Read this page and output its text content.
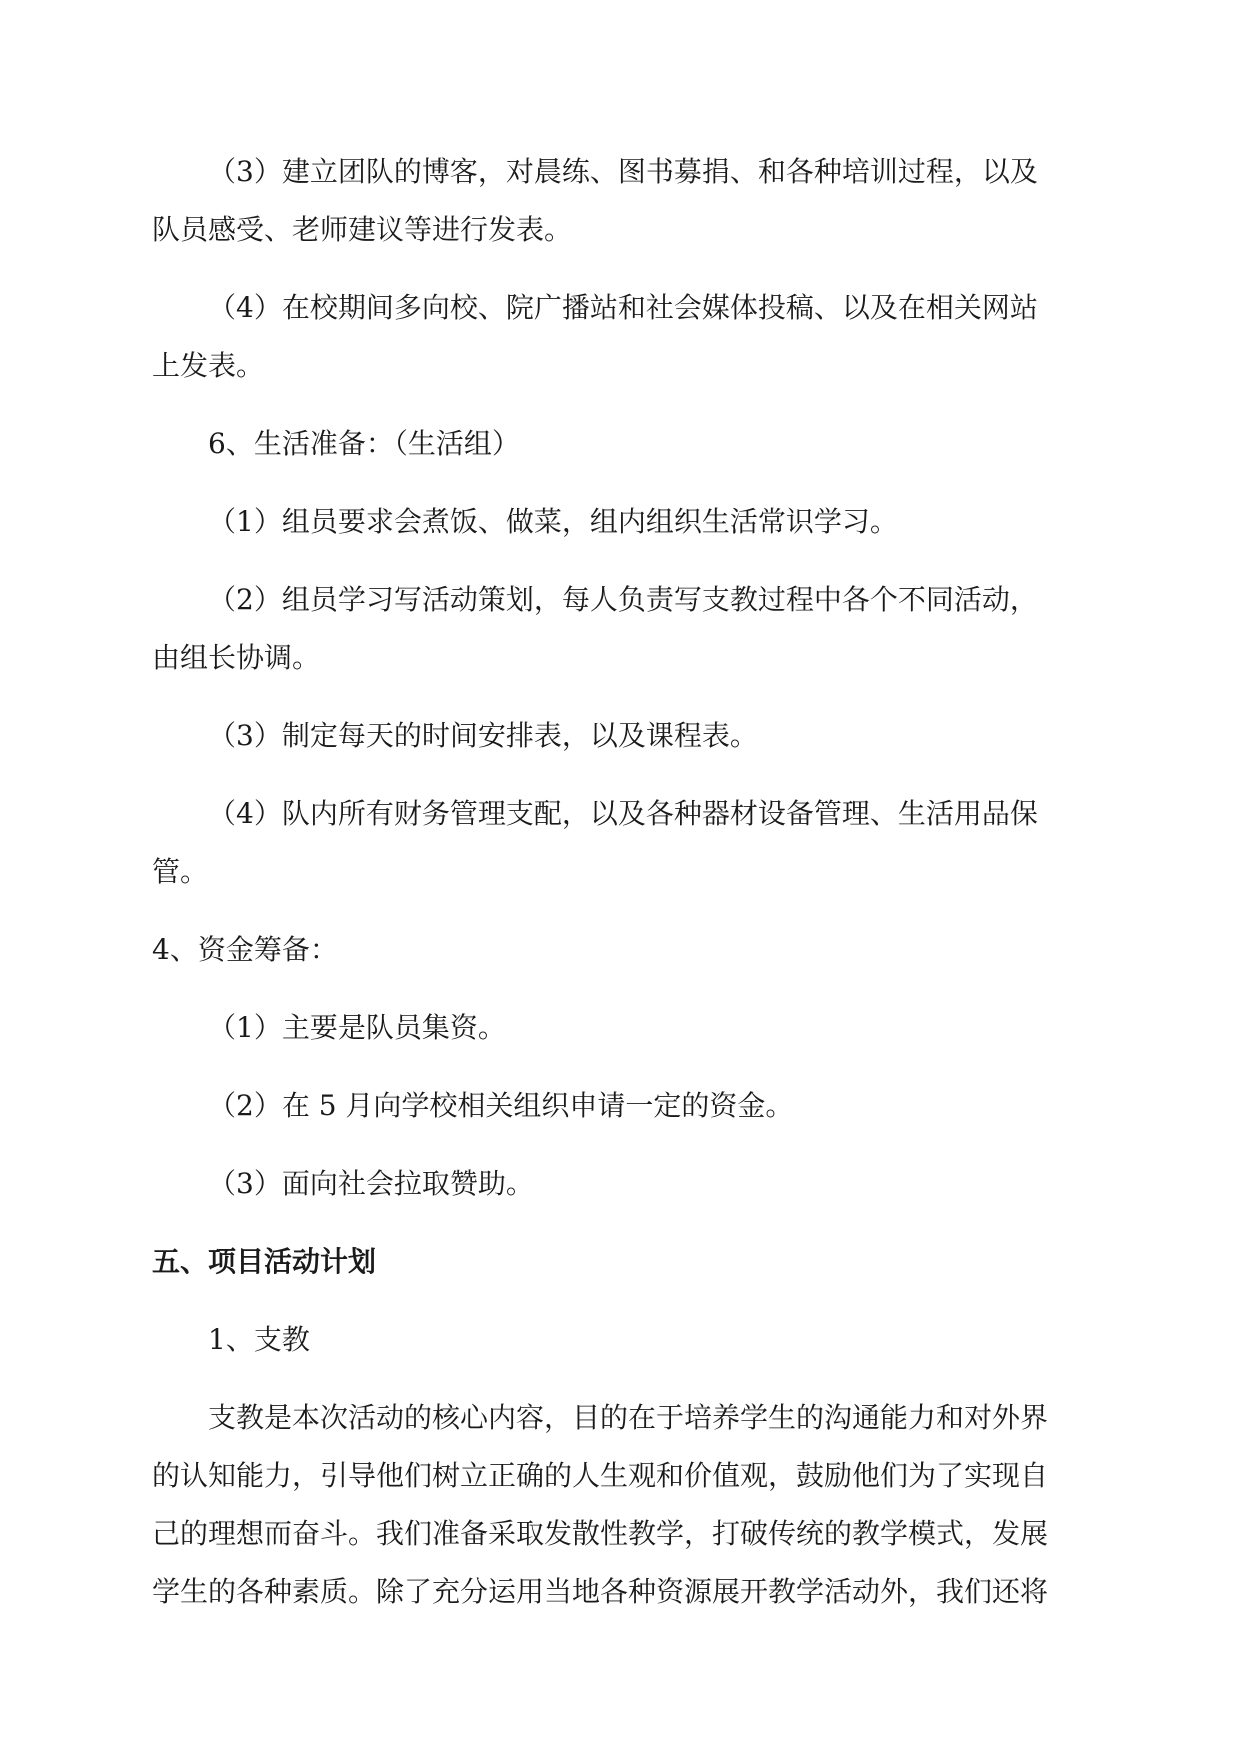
（3）建立团队的博客，对晨练、图书募捐、和各种培训过程，以及
队员感受、老师建议等进行发表。
（4）在校期间多向校、院广播站和社会媒体投稿、以及在相关网站
上发表。
6、生活准备：（生活组）
（1）组员要求会煮饭、做菜，组内组织生活常识学习。
（2）组员学习写活动策划，每人负责写支教过程中各个不同活动，
由组长协调。
（3）制定每天的时间安排表，以及课程表。
（4）队内所有财务管理支配，以及各种器材设备管理、生活用品保
管。
4、资金筹备：
（1）主要是队员集资。
（2）在 5 月向学校相关组织申请一定的资金。
（3）面向社会拉取赞助。
五、项目活动计划
1、支教
支教是本次活动的核心内容，目的在于培养学生的沟通能力和对外界
的认知能力，引导他们树立正确的人生观和价值观，鼓励他们为了实现自
己的理想而奋斗。我们准备采取发散性教学，打破传统的教学模式，发展
学生的各种素质。除了充分运用当地各种资源展开教学活动外，我们还将
